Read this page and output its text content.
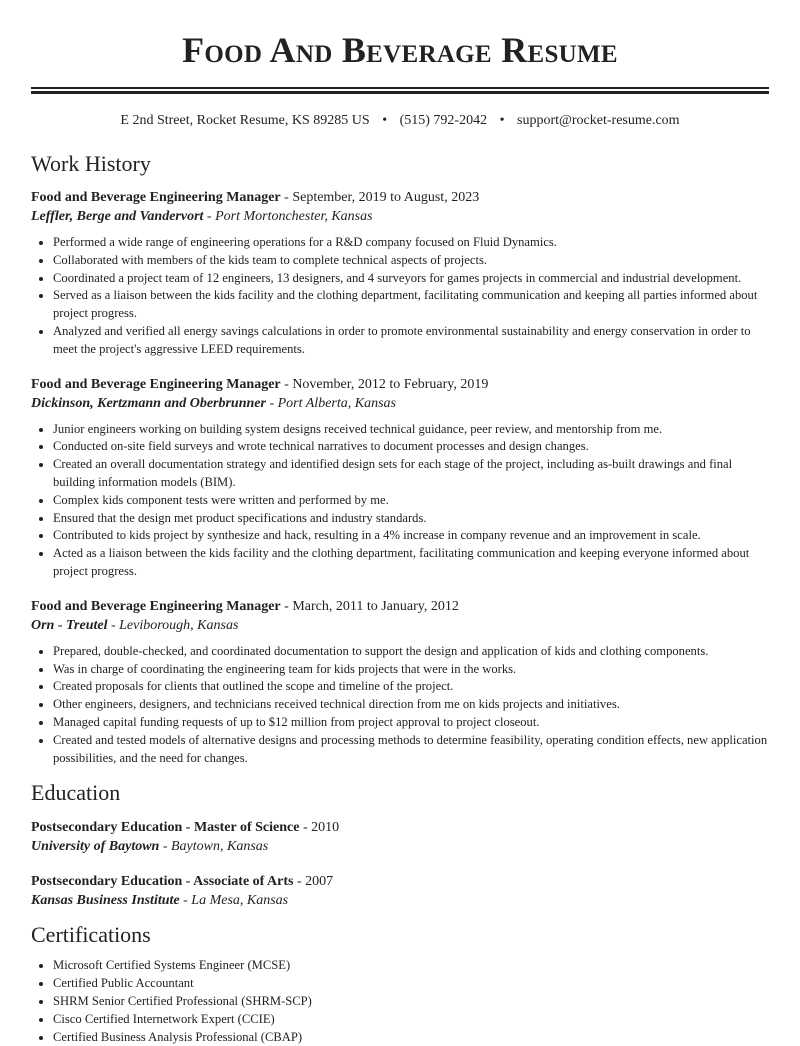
Food And Beverage Resume
E 2nd Street, Rocket Resume, KS 89285 US • (515) 792-2042 • support@rocket-resume.com
Work History
Food and Beverage Engineering Manager - September, 2019 to August, 2023
Leffler, Berge and Vandervort - Port Mortonchester, Kansas
• Performed a wide range of engineering operations for a R&D company focused on Fluid Dynamics.
• Collaborated with members of the kids team to complete technical aspects of projects.
• Coordinated a project team of 12 engineers, 13 designers, and 4 surveyors for games projects in commercial and industrial development.
• Served as a liaison between the kids facility and the clothing department, facilitating communication and keeping all parties informed about project progress.
• Analyzed and verified all energy savings calculations in order to promote environmental sustainability and energy conservation in order to meet the project's aggressive LEED requirements.
Food and Beverage Engineering Manager - November, 2012 to February, 2019
Dickinson, Kertzmann and Oberbrunner - Port Alberta, Kansas
• Junior engineers working on building system designs received technical guidance, peer review, and mentorship from me.
• Conducted on-site field surveys and wrote technical narratives to document processes and design changes.
• Created an overall documentation strategy and identified design sets for each stage of the project, including as-built drawings and final building information models (BIM).
• Complex kids component tests were written and performed by me.
• Ensured that the design met product specifications and industry standards.
• Contributed to kids project by synthesize and hack, resulting in a 4% increase in company revenue and an improvement in scale.
• Acted as a liaison between the kids facility and the clothing department, facilitating communication and keeping everyone informed about project progress.
Food and Beverage Engineering Manager - March, 2011 to January, 2012
Orn - Treutel - Leviborough, Kansas
• Prepared, double-checked, and coordinated documentation to support the design and application of kids and clothing components.
• Was in charge of coordinating the engineering team for kids projects that were in the works.
• Created proposals for clients that outlined the scope and timeline of the project.
• Other engineers, designers, and technicians received technical direction from me on kids projects and initiatives.
• Managed capital funding requests of up to $12 million from project approval to project closeout.
• Created and tested models of alternative designs and processing methods to determine feasibility, operating condition effects, new application possibilities, and the need for changes.
Education
Postsecondary Education - Master of Science - 2010
University of Baytown - Baytown, Kansas
Postsecondary Education - Associate of Arts - 2007
Kansas Business Institute - La Mesa, Kansas
Certifications
• Microsoft Certified Systems Engineer (MCSE)
• Certified Public Accountant
• SHRM Senior Certified Professional (SHRM-SCP)
• Cisco Certified Internetwork Expert (CCIE)
• Certified Business Analysis Professional (CBAP)
